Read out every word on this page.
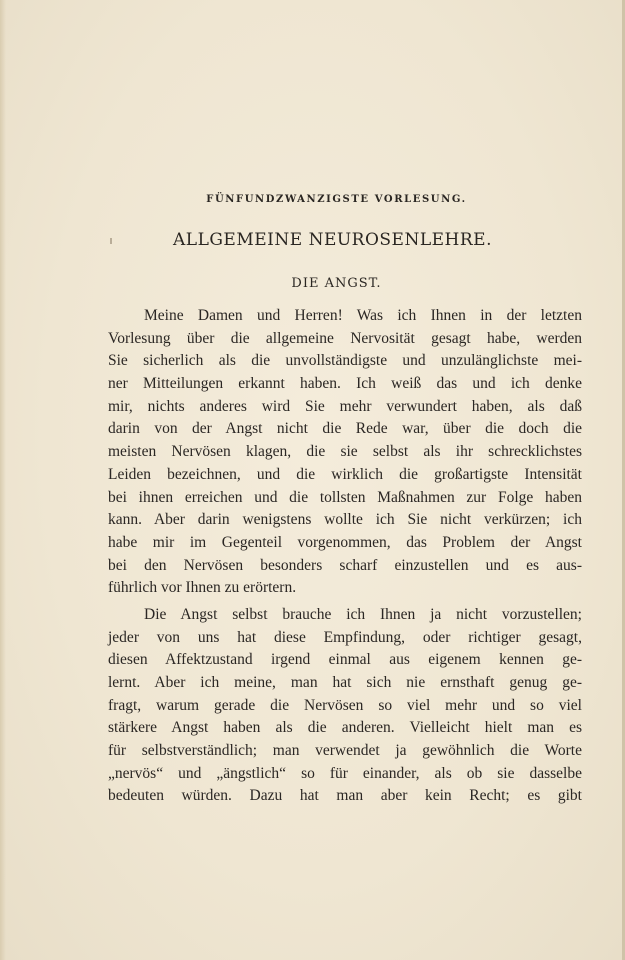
FÜNFUNDZWANZIGSTE VORLESUNG.
ALLGEMEINE NEUROSENLEHRE.
DIE ANGST.
Meine Damen und Herren! Was ich Ihnen in der letzten
Vorlesung über die allgemeine Nervosität gesagt habe, werden
Sie sicherlich als die unvollständigste und unzulänglichste mei-
ner Mitteilungen erkannt haben. Ich weiß das und ich denke
mir, nichts anderes wird Sie mehr verwundert haben, als daß
darin von der Angst nicht die Rede war, über die doch die
meisten Nervösen klagen, die sie selbst als ihr schrecklichstes
Leiden bezeichnen, und die wirklich die großartigste Intensität
bei ihnen erreichen und die tollsten Maßnahmen zur Folge haben
kann. Aber darin wenigstens wollte ich Sie nicht verkürzen; ich
habe mir im Gegenteil vorgenommen, das Problem der Angst
bei den Nervösen besonders scharf einzustellen und es aus-
führlich vor Ihnen zu erörtern.
Die Angst selbst brauche ich Ihnen ja nicht vorzustellen;
jeder von uns hat diese Empfindung, oder richtiger gesagt,
diesen Affektzustand irgend einmal aus eigenem kennen ge-
lernt. Aber ich meine, man hat sich nie ernsthaft genug ge-
fragt, warum gerade die Nervösen so viel mehr und so viel
stärkere Angst haben als die anderen. Vielleicht hielt man es
für selbstverständlich; man verwendet ja gewöhnlich die Worte
„nervös“ und „ängstlich“ so für einander, als ob sie dasselbe
bedeuten würden. Dazu hat man aber kein Recht; es gibt
